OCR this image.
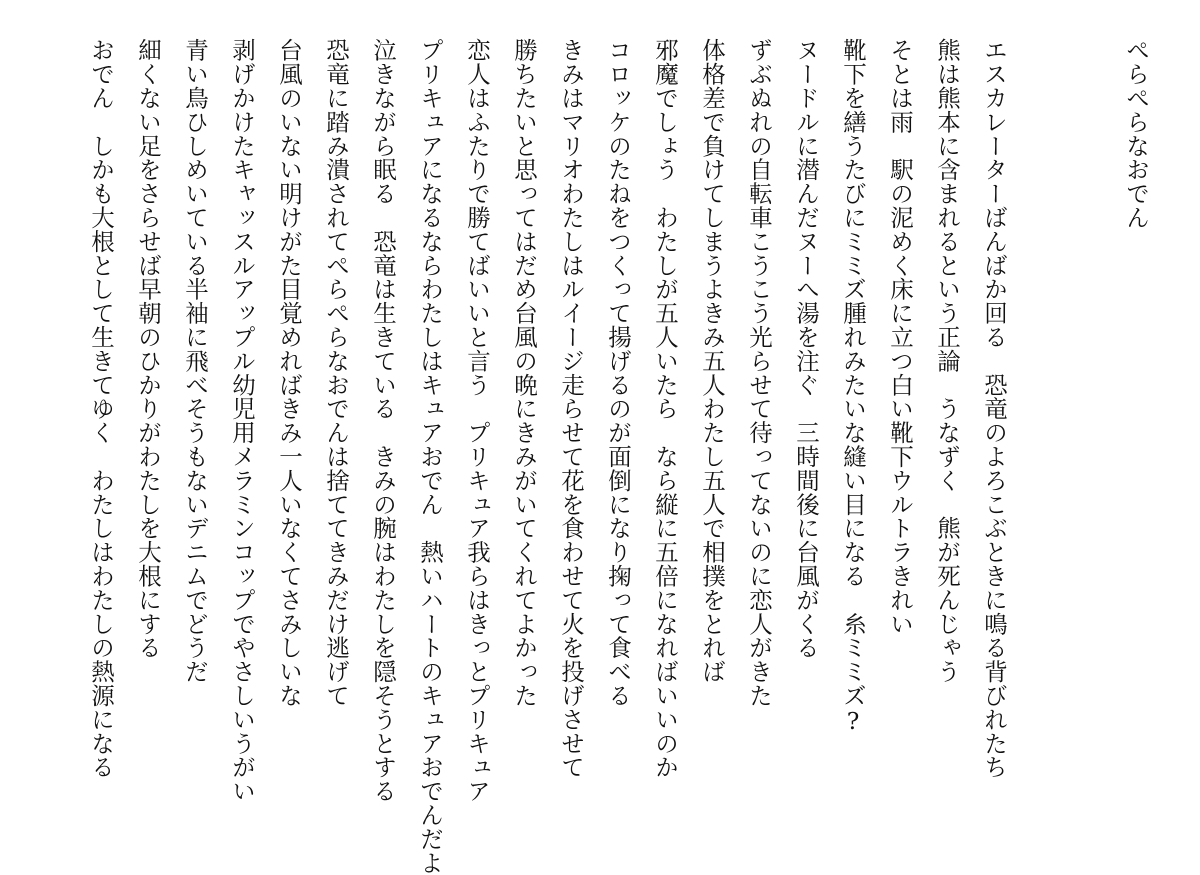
ぺらぺらなおでん
エスカレーターばんばか回る　恐竜のよろこぶときに鳴る背びれたち
熊は熊本に含まれるという正論　うなずく　熊が死んじゃう
そとは雨　駅の泥めく床に立つ白い靴下ウルトラきれい
靴下を繕うたびにミミズ腫れみたいな縫い目になる　糸ミミズ?
ヌードルに潜んだヌーへ湯を注ぐ　三時間後に台風がくる
ずぶぬれの自転車こうこう光らせて待ってないのに恋人がきた
体格差で負けてしまうよきみ五人わたし五人で相撲をとれば
邪魔でしょう　わたしが五人いたら　なら縦に五倍になればいいのか
コロッケのたねをつくって揚げるのが面倒になり掬って食べる
きみはマリオわたしはルイージ走らせて花を食わせて火を投げさせて
勝ちたいと思ってはだめ台風の晩にきみがいてくれてよかった
恋人はふたりで勝てばいいと言う　プリキュア我らはきっとプリキュア
プリキュアになるならわたしはキュアおでん　熱いハートのキュアおでんだよ
泣きながら眠る　恐竜は生きている　きみの腕はわたしを隠そうとする
恐竜に踏み潰されてぺらぺらなおでんは捨ててきみだけ逃げて
台風のいない明けがた目覚めればきみ一人いなくてさみしいな
剥げかけたキャッスルアップル幼児用メラミンコップでやさしいうがい
青い鳥ひしめいている半袖に飛べそうもないデニムでどうだ
細くない足をさらせば早朝のひかりがわたしを大根にする
おでん　しかも大根として生きてゆく　わたしはわたしの熱源になる
